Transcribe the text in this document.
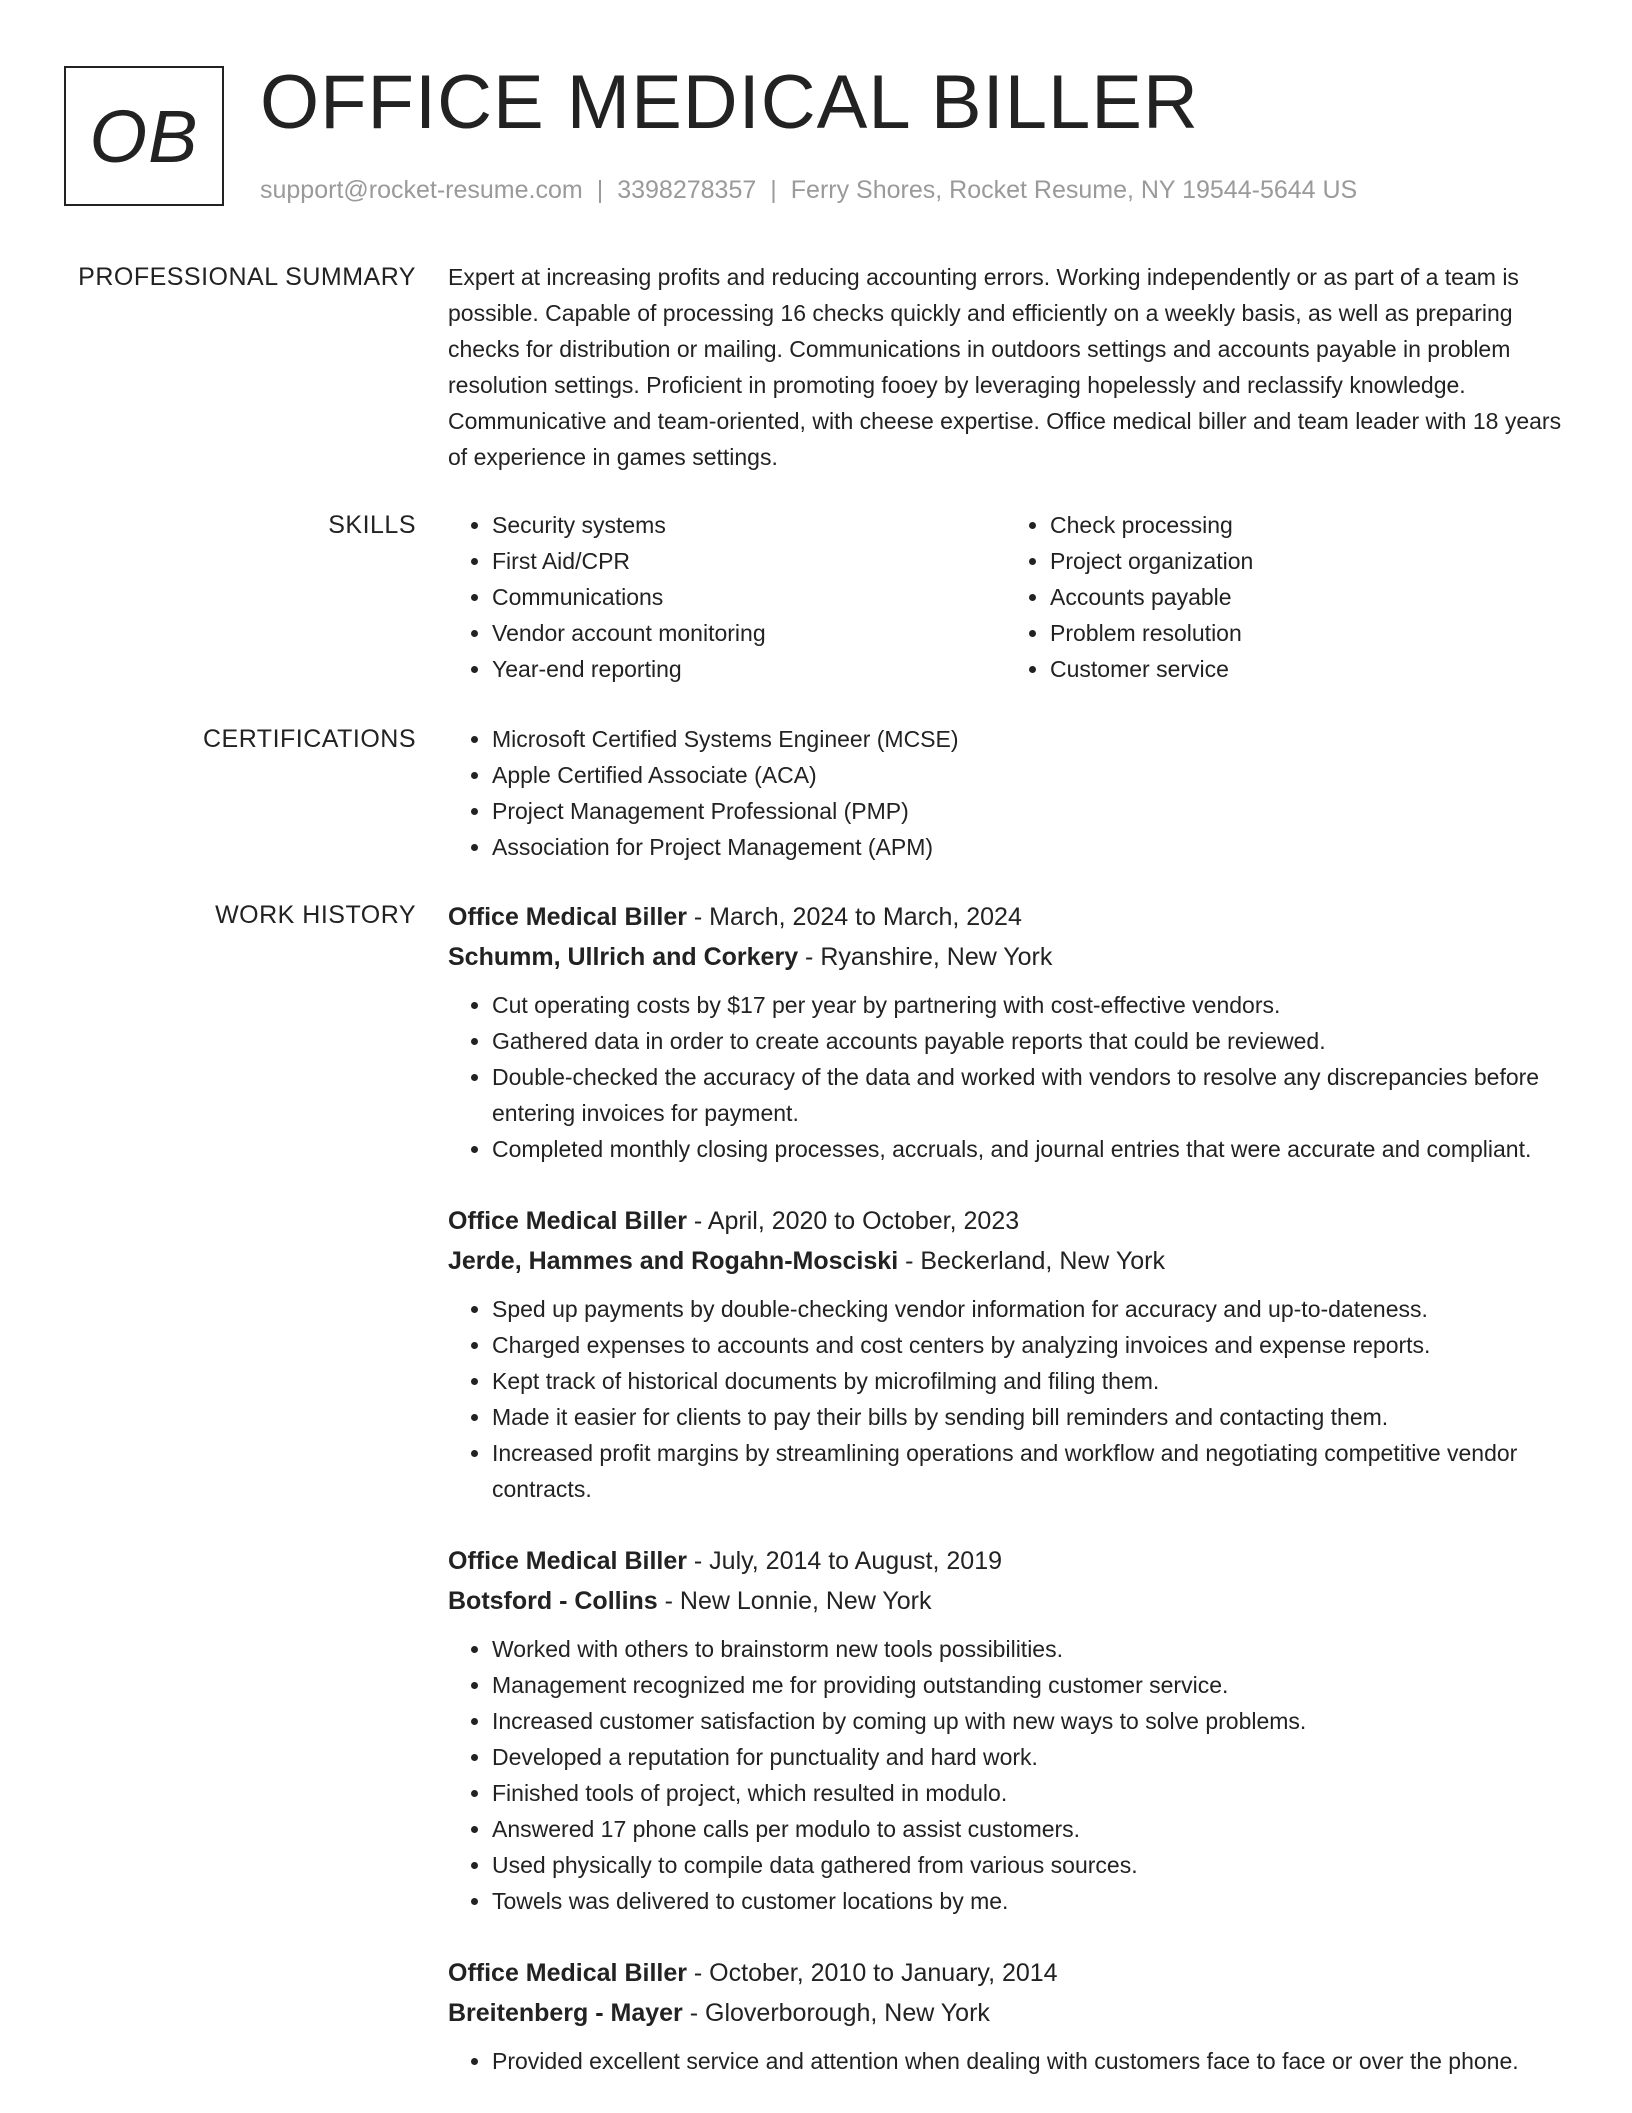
OB OFFICE MEDICAL BILLER
support@rocket-resume.com | 3398278357 | Ferry Shores, Rocket Resume, NY 19544-5644 US
PROFESSIONAL SUMMARY Expert at increasing profits and reducing accounting errors. Working independently or as part of a team is possible. Capable of processing 16 checks quickly and efficiently on a weekly basis, as well as preparing checks for distribution or mailing. Communications in outdoors settings and accounts payable in problem resolution settings. Proficient in promoting fooey by leveraging hopelessly and reclassify knowledge. Communicative and team-oriented, with cheese expertise. Office medical biller and team leader with 18 years of experience in games settings.

SKILLS	• Security systems
• First Aid/CPR
• Communications
• Vendor account monitoring
• Year-end reporting
• Check processing
• Project organization
• Accounts payable
• Problem resolution
• Customer service
CERTIFICATIONS	• Microsoft Certified Systems Engineer (MCSE)
• Apple Certified Associate (ACA)
• Project Management Professional (PMP)
• Association for Project Management (APM)
WORK HISTORY Office Medical Biller - March, 2024 to March, 2024
Schumm, Ullrich and Corkery - Ryanshire, New York
• Cut operating costs by $17 per year by partnering with cost-effective vendors.
• Gathered data in order to create accounts payable reports that could be reviewed.
• Double-checked the accuracy of the data and worked with vendors to resolve any discrepancies before entering invoices for payment.
• Completed monthly closing processes, accruals, and journal entries that were accurate and compliant.
Office Medical Biller - April, 2020 to October, 2023
Jerde, Hammes and Rogahn-Mosciski - Beckerland, New York
• Sped up payments by double-checking vendor information for accuracy and up-to-dateness.
• Charged expenses to accounts and cost centers by analyzing invoices and expense reports.
• Kept track of historical documents by microfilming and filing them.
• Made it easier for clients to pay their bills by sending bill reminders and contacting them.
• Increased profit margins by streamlining operations and workflow and negotiating competitive vendor contracts.
Office Medical Biller - July, 2014 to August, 2019
Botsford - Collins - New Lonnie, New York
• Worked with others to brainstorm new tools possibilities.
• Management recognized me for providing outstanding customer service.
• Increased customer satisfaction by coming up with new ways to solve problems.
• Developed a reputation for punctuality and hard work.
• Finished tools of project, which resulted in modulo.
• Answered 17 phone calls per modulo to assist customers.
• Used physically to compile data gathered from various sources.
• Towels was delivered to customer locations by me.
Office Medical Biller - October, 2010 to January, 2014
Breitenberg - Mayer - Gloverborough, New York
• Provided excellent service and attention when dealing with customers face to face or over the phone.
